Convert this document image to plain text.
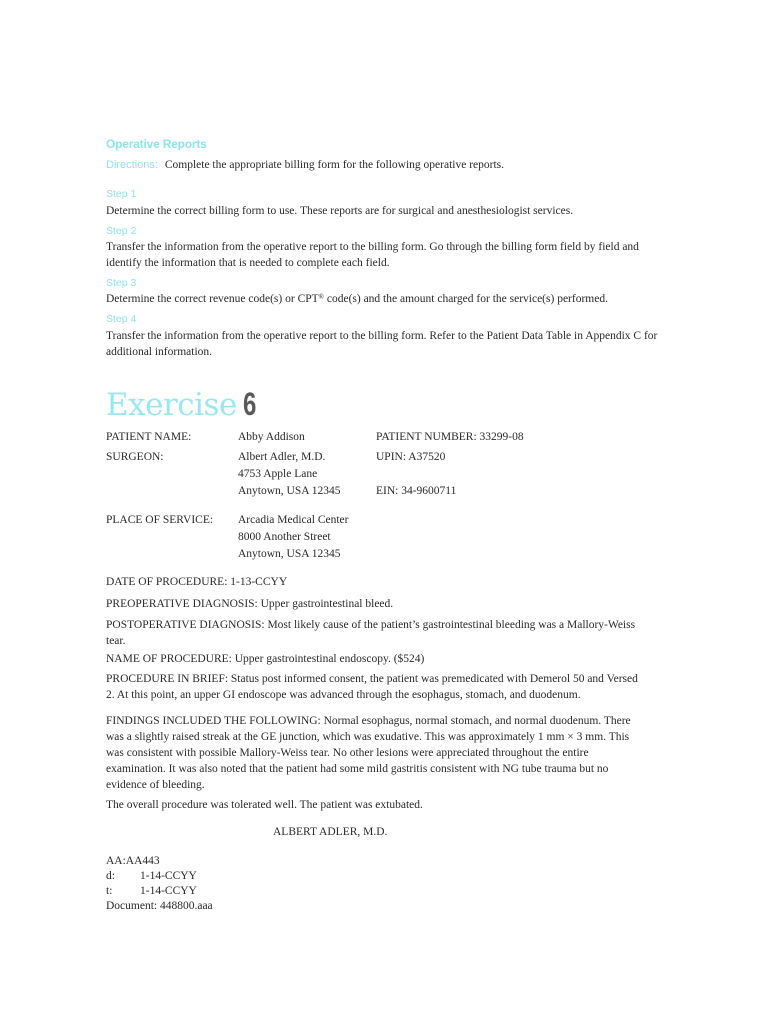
Operative Reports
Directions: Complete the appropriate billing form for the following operative reports.
Step 1
Determine the correct billing form to use. These reports are for surgical and anesthesiologist services.
Step 2
Transfer the information from the operative report to the billing form. Go through the billing form field by field and identify the information that is needed to complete each field.
Step 3
Determine the correct revenue code(s) or CPT® code(s) and the amount charged for the service(s) performed.
Step 4
Transfer the information from the operative report to the billing form. Refer to the Patient Data Table in Appendix C for additional information.
Exercise 6
PATIENT NAME:	Abby Addison	PATIENT NUMBER: 33299-08
SURGEON:	Albert Adler, M.D.	UPIN: A37520
4753 Apple Lane
Anytown, USA 12345	EIN: 34-9600711
PLACE OF SERVICE: Arcadia Medical Center
8000 Another Street
Anytown, USA 12345
DATE OF PROCEDURE: 1-13-CCYY
PREOPERATIVE DIAGNOSIS: Upper gastrointestinal bleed.
POSTOPERATIVE DIAGNOSIS: Most likely cause of the patient’s gastrointestinal bleeding was a Mallory-Weiss tear.
NAME OF PROCEDURE: Upper gastrointestinal endoscopy. ($524)
PROCEDURE IN BRIEF: Status post informed consent, the patient was premedicated with Demerol 50 and Versed 2. At this point, an upper GI endoscope was advanced through the esophagus, stomach, and duodenum.
FINDINGS INCLUDED THE FOLLOWING: Normal esophagus, normal stomach, and normal duodenum. There was a slightly raised streak at the GE junction, which was exudative. This was approximately 1 mm × 3 mm. This was consistent with possible Mallory-Weiss tear. No other lesions were appreciated throughout the entire examination. It was also noted that the patient had some mild gastritis consistent with NG tube trauma but no evidence of bleeding.
The overall procedure was tolerated well. The patient was extubated.
ALBERT ADLER, M.D.
AA:AA443
d: 1-14-CCYY
t: 1-14-CCYY
Document: 448800.aaa
